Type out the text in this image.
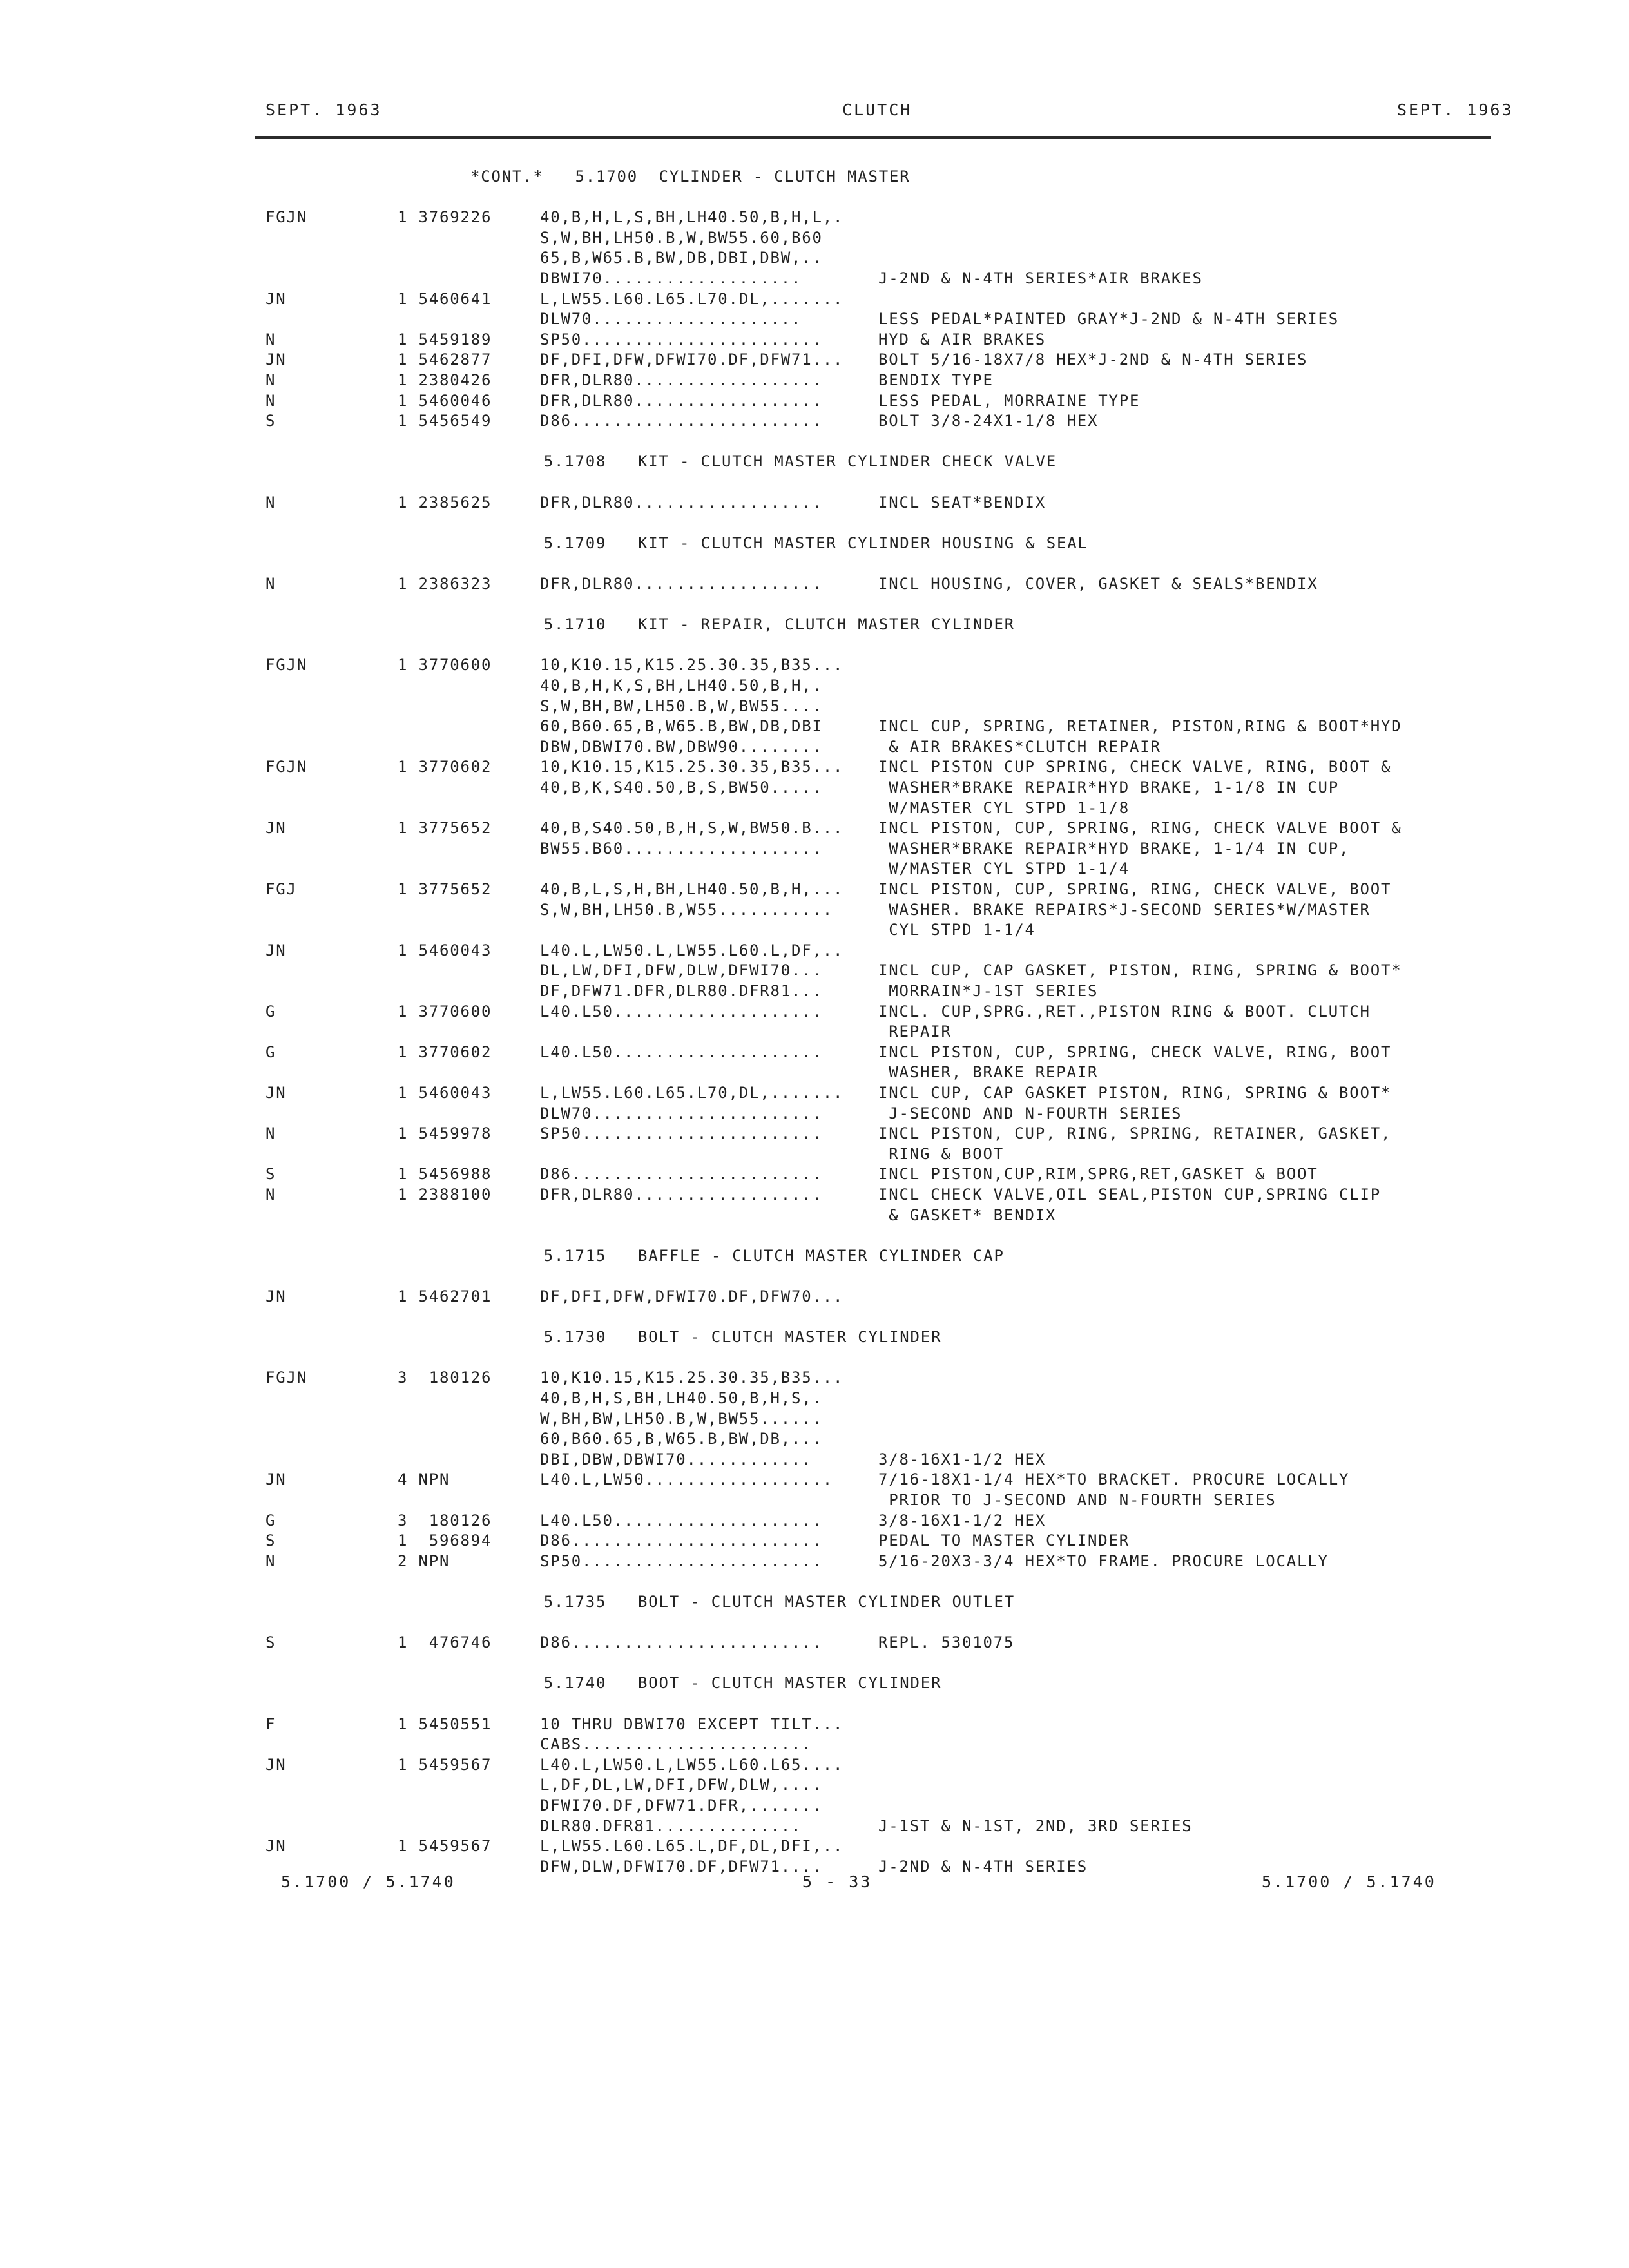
SEPT. 1963	CLUTCH	SEPT. 1963
*CONT.*   5.1700  CYLINDER - CLUTCH MASTER
FGJN	1 3769226	40,B,H,L,S,BH,LH40.50,B,H,L,.
S,W,BH,LH50.B,W,BW55.60,B60
65,B,W65.B,BW,DB,DBI,DBW,..
DBWI70...................	J-2ND & N-4TH SERIES*AIR BRAKES
JN	1 5460641	L,LW55.L60.L65.L70.DL,.......
DLW70....................	LESS PEDAL*PAINTED GRAY*J-2ND & N-4TH SERIES
N	1 5459189	SP50.......................	HYD & AIR BRAKES
JN	1 5462877	DF,DFI,DFW,DFWI70.DF,DFW71... BOLT 5/16-18X7/8 HEX*J-2ND & N-4TH SERIES
N	1 2380426	DFR,DLR80..................	BENDIX TYPE
N	1 5460046	DFR,DLR80..................	LESS PEDAL, MORRAINE TYPE
S	1 5456549	D86........................	BOLT 3/8-24X1-1/8 HEX
5.1708   KIT - CLUTCH MASTER CYLINDER CHECK VALVE
N	1 2385625	DFR,DLR80..................	INCL SEAT*BENDIX
5.1709   KIT - CLUTCH MASTER CYLINDER HOUSING & SEAL
N	1 2386323	DFR,DLR80..................	INCL HOUSING, COVER, GASKET & SEALS*BENDIX
5.1710   KIT - REPAIR, CLUTCH MASTER CYLINDER
FGJN	1 3770600	10,K10.15,K15.25.30.35,B35...
40,B,H,K,S,BH,LH40.50,B,H,.
S,W,BH,BW,LH50.B,W,BW55....
60,B60.65,B,W65.B,BW,DB,DBI	INCL CUP, SPRING, RETAINER, PISTON,RING & BOOT*HYD
DBW,DBWI70.BW,DBW90........	& AIR BRAKES*CLUTCH REPAIR
FGJN	1 3770602	10,K10.15,K15.25.30.35,B35... INCL PISTON CUP SPRING, CHECK VALVE, RING, BOOT &
40,B,K,S40.50,B,S,BW50.....	WASHER*BRAKE REPAIR*HYD BRAKE, 1-1/8 IN CUP
W/MASTER CYL STPD 1-1/8
JN	1 3775652	40,B,S40.50,B,H,S,W,BW50.B... INCL PISTON, CUP, SPRING, RING, CHECK VALVE BOOT &
BW55.B60...................	WASHER*BRAKE REPAIR*HYD BRAKE, 1-1/4 IN CUP,
W/MASTER CYL STPD 1-1/4
FGJ	1 3775652	40,B,L,S,H,BH,LH40.50,B,H,... INCL PISTON, CUP, SPRING, RING, CHECK VALVE, BOOT
S,W,BH,LH50.B,W55...........	WASHER. BRAKE REPAIRS*J-SECOND SERIES*W/MASTER
CYL STPD 1-1/4
JN	1 5460043	L40.L,LW50.L,LW55.L60.L,DF,..
DL,LW,DFI,DFW,DLW,DFWI70...	INCL CUP, CAP GASKET, PISTON, RING, SPRING & BOOT*
DF,DFW71.DFR,DLR80.DFR81...	MORRAIN*J-1ST SERIES
G	1 3770600	L40.L50....................	INCL. CUP,SPRG.,RET.,PISTON RING & BOOT. CLUTCH
REPAIR
G	1 3770602	L40.L50....................	INCL PISTON, CUP, SPRING, CHECK VALVE, RING, BOOT
WASHER, BRAKE REPAIR
JN	1 5460043	L,LW55.L60.L65.L70,DL,....... INCL CUP, CAP GASKET PISTON, RING, SPRING & BOOT*
DLW70......................	J-SECOND AND N-FOURTH SERIES
N	1 5459978	SP50.......................	INCL PISTON, CUP, RING, SPRING, RETAINER, GASKET,
RING & BOOT
S	1 5456988	D86........................	INCL PISTON,CUP,RIM,SPRG,RET,GASKET & BOOT
N	1 2388100	DFR,DLR80..................	INCL CHECK VALVE,OIL SEAL,PISTON CUP,SPRING CLIP
& GASKET* BENDIX
5.1715   BAFFLE - CLUTCH MASTER CYLINDER CAP
JN	1 5462701	DF,DFI,DFW,DFWI70.DF,DFW70...
5.1730   BOLT - CLUTCH MASTER CYLINDER
FGJN	3  180126	10,K10.15,K15.25.30.35,B35...
40,B,H,S,BH,LH40.50,B,H,S,.
W,BH,BW,LH50.B,W,BW55......
60,B60.65,B,W65.B,BW,DB,...
DBI,DBW,DBWI70............	3/8-16X1-1/2 HEX
JN	4 NPN	L40.L,LW50..................	7/16-18X1-1/4 HEX*TO BRACKET. PROCURE LOCALLY
PRIOR TO J-SECOND AND N-FOURTH SERIES
G	3  180126	L40.L50....................	3/8-16X1-1/2 HEX
S	1  596894	D86........................	PEDAL TO MASTER CYLINDER
N	2 NPN	SP50.......................	5/16-20X3-3/4 HEX*TO FRAME. PROCURE LOCALLY
5.1735   BOLT - CLUTCH MASTER CYLINDER OUTLET
S	1  476746	D86........................	REPL. 5301075
5.1740   BOOT - CLUTCH MASTER CYLINDER
F	1 5450551	10 THRU DBWI70 EXCEPT TILT...
CABS......................
JN	1 5459567	L40.L,LW50.L,LW55.L60.L65....
L,DF,DL,LW,DFI,DFW,DLW,....
DFWI70.DF,DFW71.DFR,.......
DLR80.DFR81..............	J-1ST & N-1ST, 2ND, 3RD SERIES
JN	1 5459567	L,LW55.L60.L65.L,DF,DL,DFI,..
DFW,DLW,DFWI70.DF,DFW71....	J-2ND & N-4TH SERIES
5.1700 / 5.1740	5 - 33	5.1700 / 5.1740
